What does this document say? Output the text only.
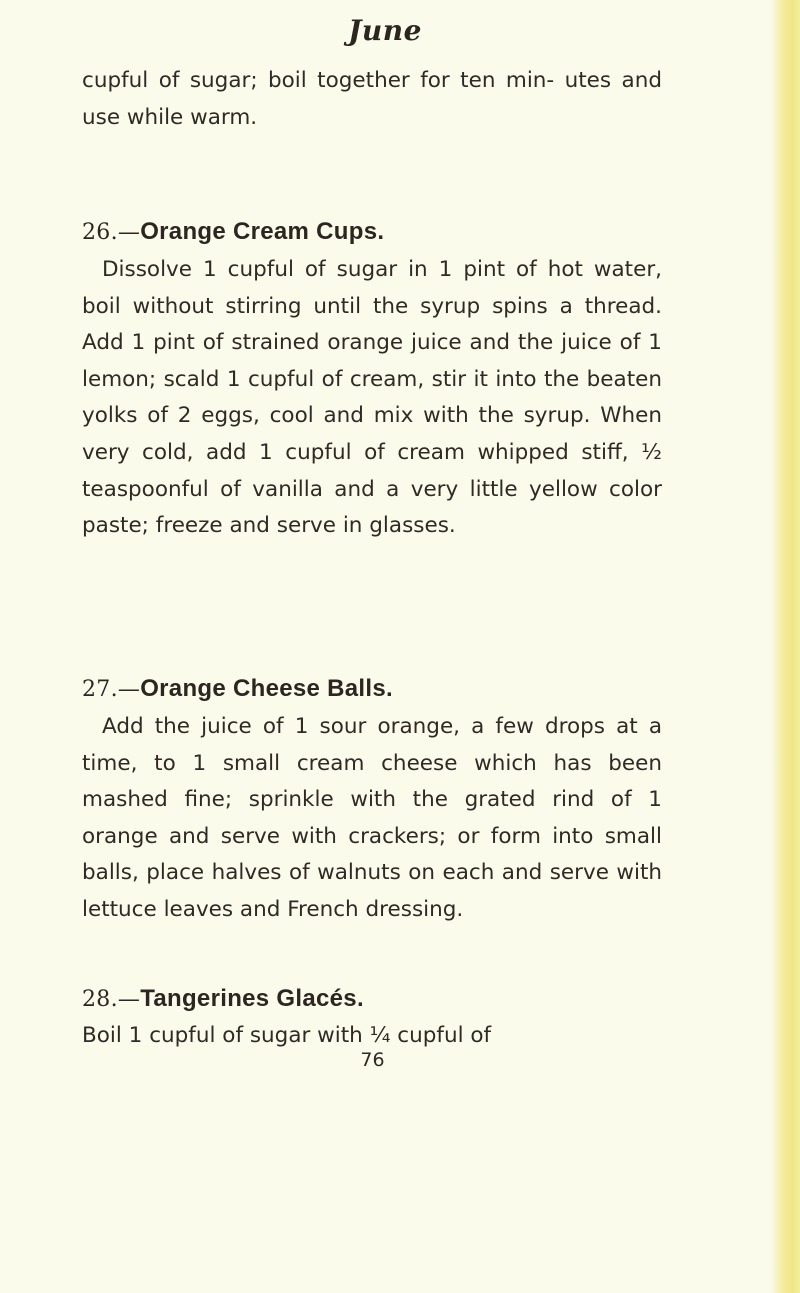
June

cupful of sugar; boil together for ten min- utes and use while warm.

26.—Orange Cream Cups.

Dissolve 1 cupful of sugar in 1 pint of hot water, boil without stirring until the syrup spins a thread. Add 1 pint of strained orange juice and the juice of 1 lemon; scald 1 cupful of cream, stir it into the beaten yolks of 2 eggs, cool and mix with the syrup. When very cold, add 1 cupful of cream whipped stiff, ½ teaspoonful of vanilla and a very little yellow color paste; freeze and serve in glasses.

27.—Orange Cheese Balls.

Add the juice of 1 sour orange, a few drops at a time, to 1 small cream cheese which has been mashed fine; sprinkle with the grated rind of 1 orange and serve with crackers; or form into small balls, place halves of walnuts on each and serve with lettuce leaves and French dressing.

28.—Tangerines Glacés.

Boil 1 cupful of sugar with ¼ cupful of

76
